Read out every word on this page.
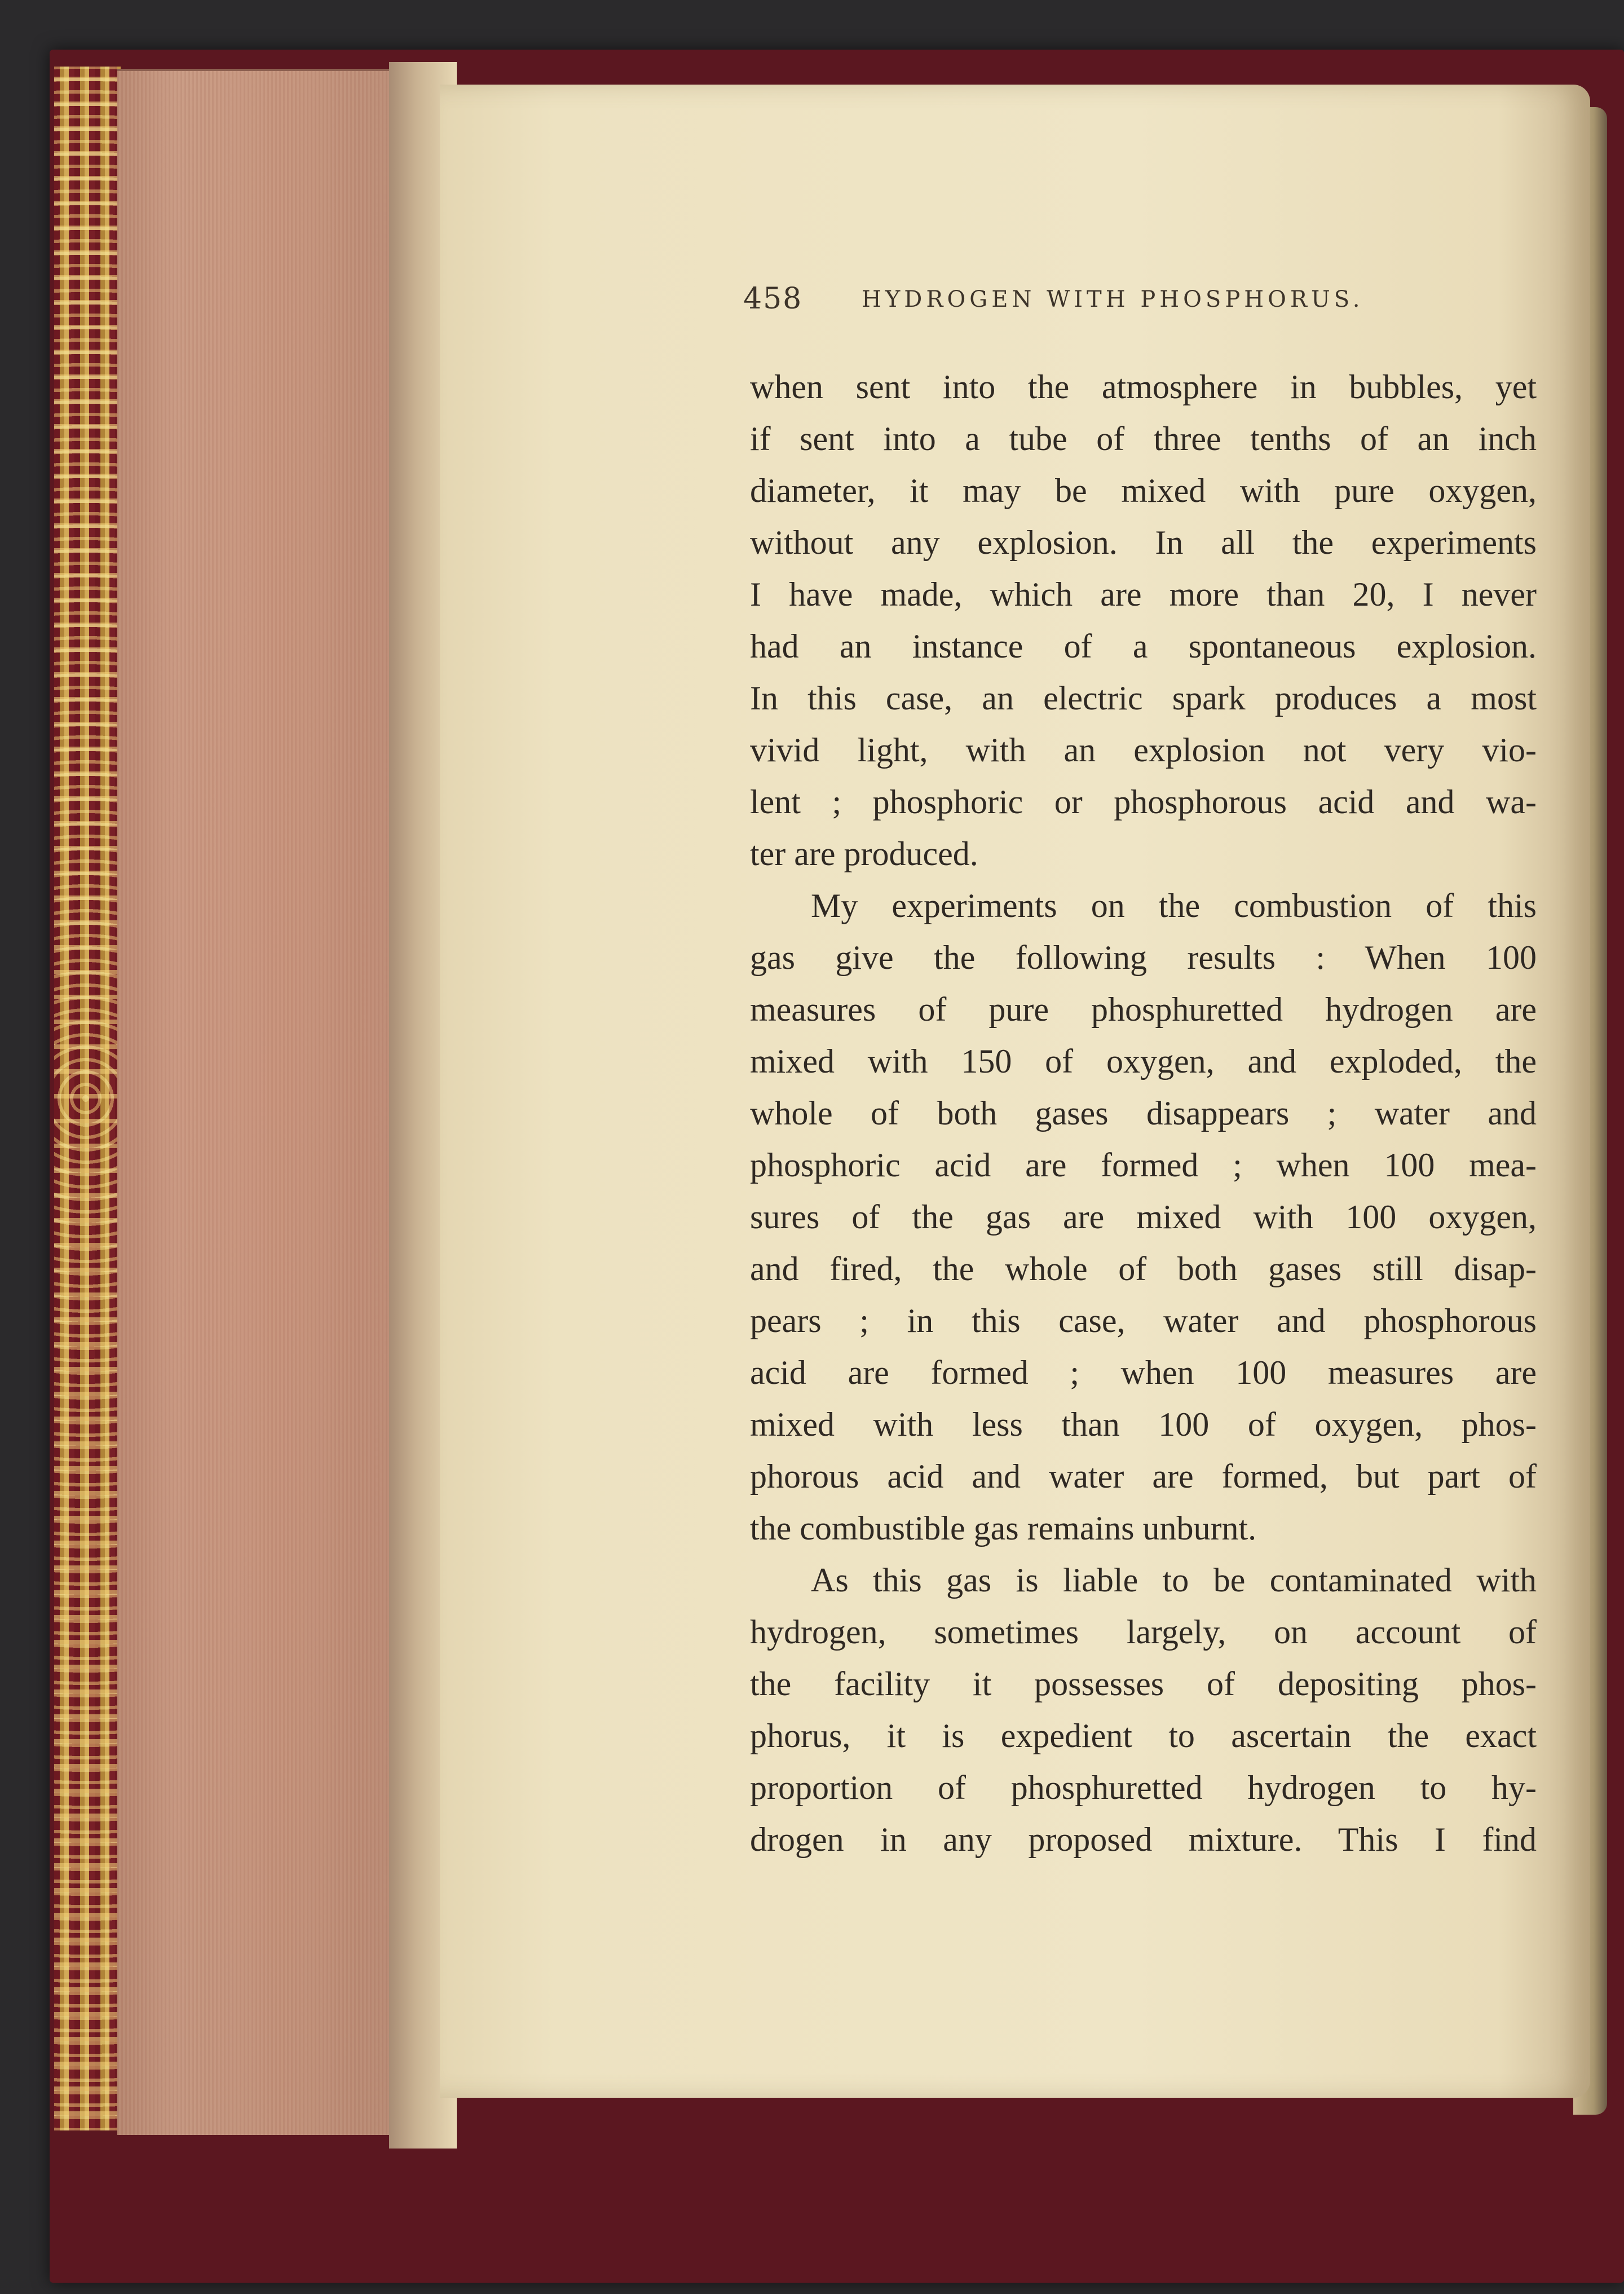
458	HYDROGEN WITH PHOSPHORUS.
when sent into the atmosphere in bubbles, yet
if sent into a tube of three tenths of an inch
diameter, it may be mixed with pure oxygen,
without any explosion. In all the experiments
I have made, which are more than 20, I never
had an instance of a spontaneous explosion.
In this case, an electric spark produces a most
vivid light, with an explosion not very vio-
lent ; phosphoric or phosphorous acid and wa-
ter are produced.
My experiments on the combustion of this
gas give the following results : When 100
measures of pure phosphuretted hydrogen are
mixed with 150 of oxygen, and exploded, the
whole of both gases disappears ; water and
phosphoric acid are formed ; when 100 mea-
sures of the gas are mixed with 100 oxygen,
and fired, the whole of both gases still disap-
pears ; in this case, water and phosphorous
acid are formed ; when 100 measures are
mixed with less than 100 of oxygen, phos-
phorous acid and water are formed, but part of
the combustible gas remains unburnt.
As this gas is liable to be contaminated with
hydrogen, sometimes largely, on account of
the facility it possesses of depositing phos-
phorus, it is expedient to ascertain the exact
proportion of phosphuretted hydrogen to hy-
drogen in any proposed mixture. This I find
